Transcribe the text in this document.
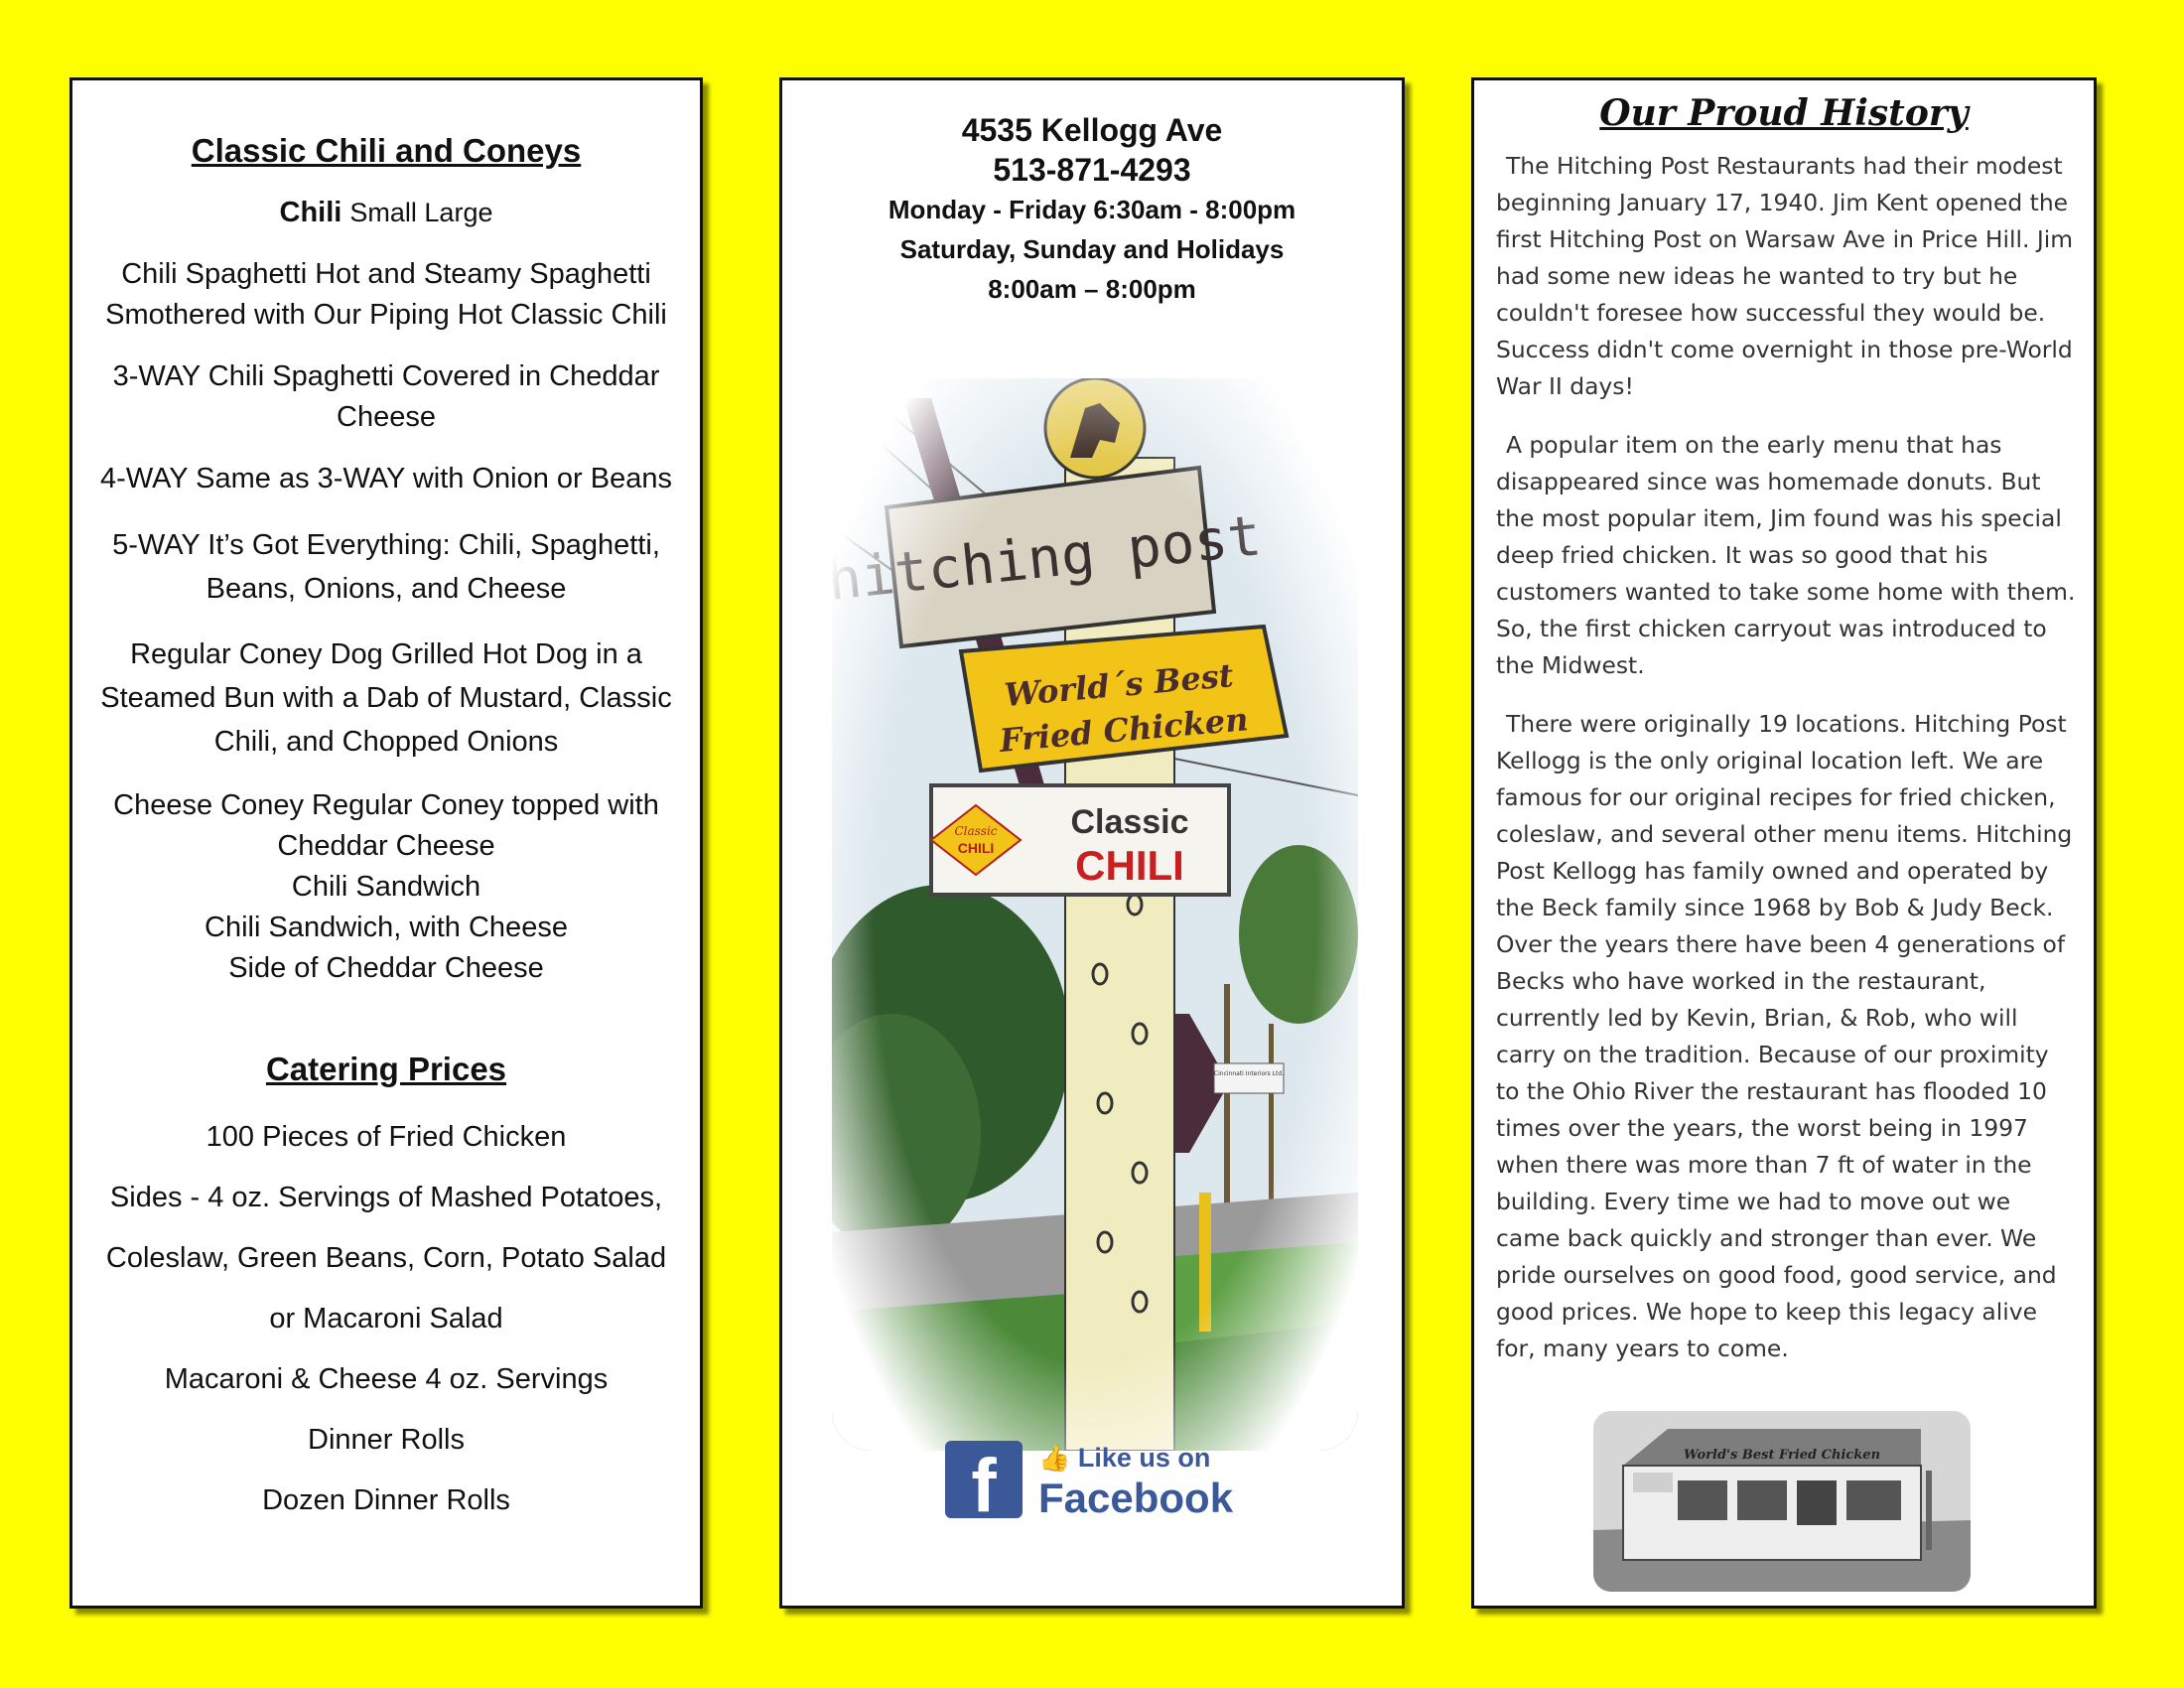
Classic Chili and Coneys

Chili Small Large

Chili Spaghetti Hot and Steamy Spaghetti
Smothered with Our Piping Hot Classic Chili

3-WAY Chili Spaghetti Covered in Cheddar
Cheese

4-WAY Same as 3-WAY with Onion or Beans

5-WAY It’s Got Everything: Chili, Spaghetti,
Beans, Onions, and Cheese

Regular Coney Dog Grilled Hot Dog in a
Steamed Bun with a Dab of Mustard, Classic
Chili, and Chopped Onions

Cheese Coney Regular Coney topped with
Cheddar Cheese
Chili Sandwich
Chili Sandwich, with Cheese
Side of Cheddar Cheese

Catering Prices

100 Pieces of Fried Chicken
Sides - 4 oz. Servings of Mashed Potatoes,
Coleslaw, Green Beans, Corn, Potato Salad
or Macaroni Salad
Macaroni & Cheese 4 oz. Servings
Dinner Rolls
Dozen Dinner Rolls
4535 Kellogg Ave
513-871-4293
Monday - Friday 6:30am - 8:00pm
Saturday, Sunday and Holidays
8:00am – 8:00pm
f	👍 Like us on
Facebook
Our Proud History

The Hitching Post Restaurants had their modest beginning January 17, 1940. Jim Kent opened the first Hitching Post on Warsaw Ave in Price Hill. Jim had some new ideas he wanted to try but he couldn't foresee how successful they would be. Success didn't come overnight in those pre-World War II days!

A popular item on the early menu that has disappeared since was homemade donuts. But the most popular item, Jim found was his special deep fried chicken. It was so good that his customers wanted to take some home with them. So, the first chicken carryout was introduced to the Midwest.

There were originally 19 locations. Hitching Post Kellogg is the only original location left. We are famous for our original recipes for fried chicken, coleslaw, and several other menu items. Hitching Post Kellogg has family owned and operated by the Beck family since 1968 by Bob & Judy Beck. Over the years there have been 4 generations of Becks who have worked in the restaurant, currently led by Kevin, Brian, & Rob, who will carry on the tradition. Because of our proximity to the Ohio River the restaurant has flooded 10 times over the years, the worst being in 1997 when there was more than 7 ft of water in the building. Every time we had to move out we came back quickly and stronger than ever. We pride ourselves on good food, good service, and good prices. We hope to keep this legacy alive for, many years to come.

World's Best Fried Chicken
